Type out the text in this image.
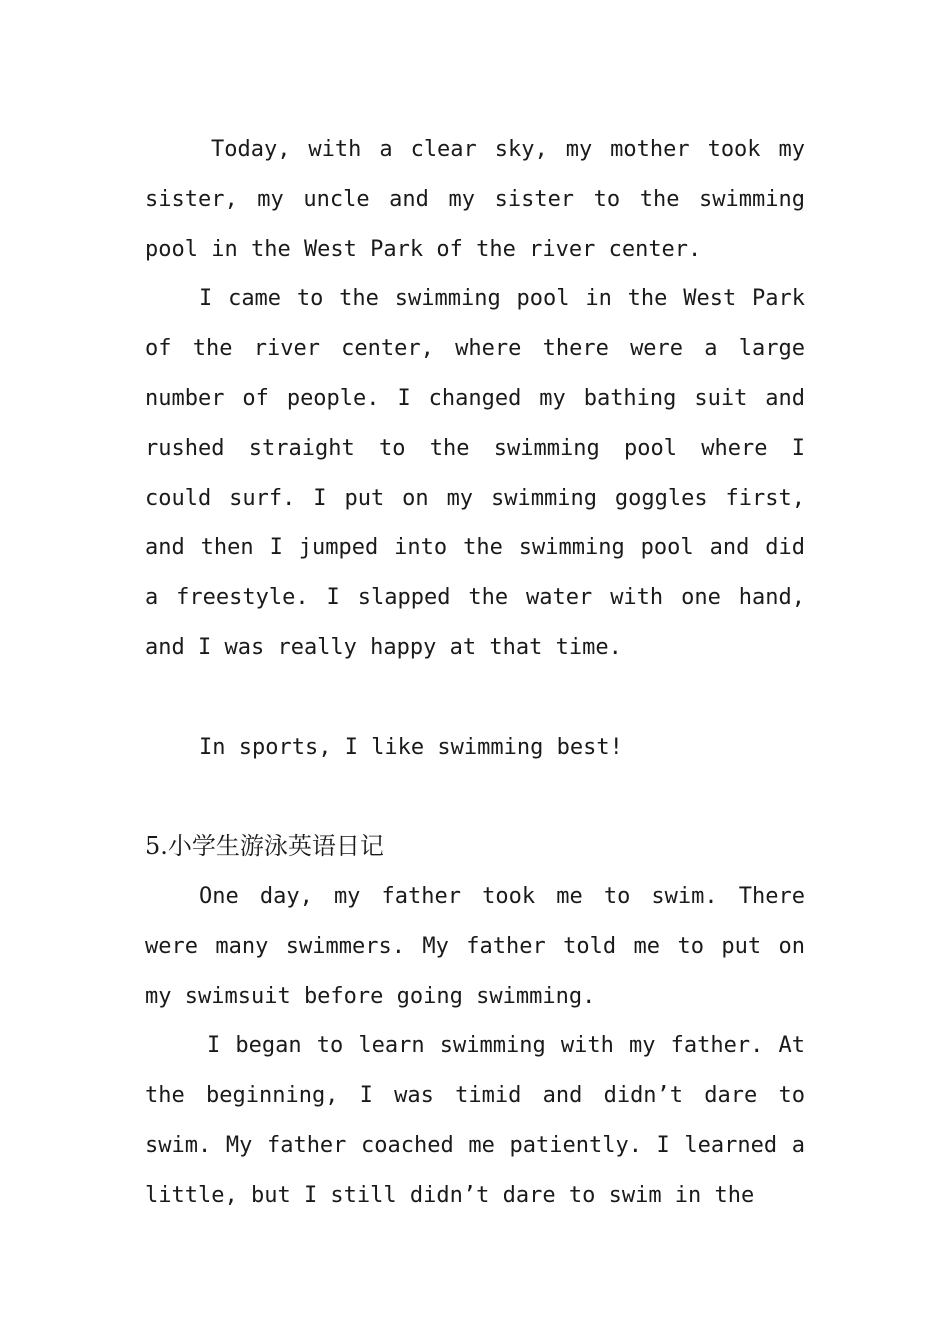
Today, with a clear sky, my mother took my sister, my uncle and my sister to the swimming pool in the West Park of the river center.

I came to the swimming pool in the West Park of the river center, where there were a large number of people. I changed my bathing suit and rushed straight to the swimming pool where I could surf. I put on my swimming goggles first, and then I jumped into the swimming pool and did a freestyle. I slapped the water with one hand, and I was really happy at that time.

In sports, I like swimming best!

5.小学生游泳英语日记

One day, my father took me to swim. There were many swimmers. My father told me to put on my swimsuit before going swimming.

I began to learn swimming with my father. At the beginning, I was timid and didn’t dare to swim. My father coached me patiently. I learned a little, but I still didn’t dare to swim in the
